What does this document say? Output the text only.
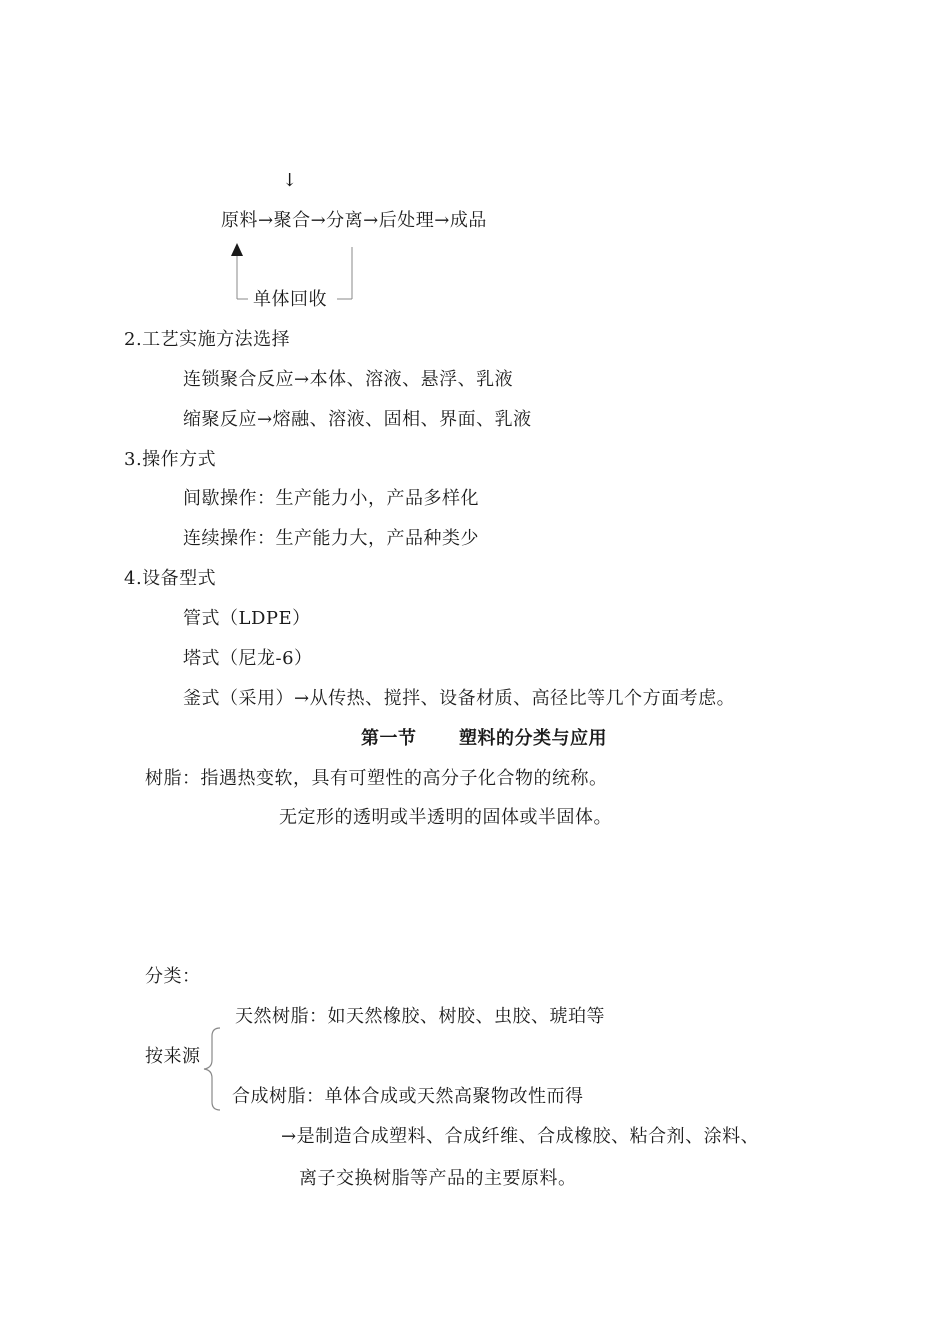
↓
原料→聚合→分离→后处理→成品
单体回收
2.工艺实施方法选择
连锁聚合反应→本体、溶液、悬浮、乳液
缩聚反应→熔融、溶液、固相、界面、乳液
3.操作方式
间歇操作：生产能力小，产品多样化
连续操作：生产能力大，产品种类少
4.设备型式
管式（LDPE）
塔式（尼龙-6）
釜式（采用）→从传热、搅拌、设备材质、高径比等几个方面考虑。
第一节 塑料的分类与应用
树脂：指遇热变软，具有可塑性的高分子化合物的统称。
无定形的透明或半透明的固体或半固体。
分类：
天然树脂：如天然橡胶、树胶、虫胶、琥珀等
按来源
合成树脂：单体合成或天然高聚物改性而得
→是制造合成塑料、合成纤维、合成橡胶、粘合剂、涂料、
离子交换树脂等产品的主要原料。
